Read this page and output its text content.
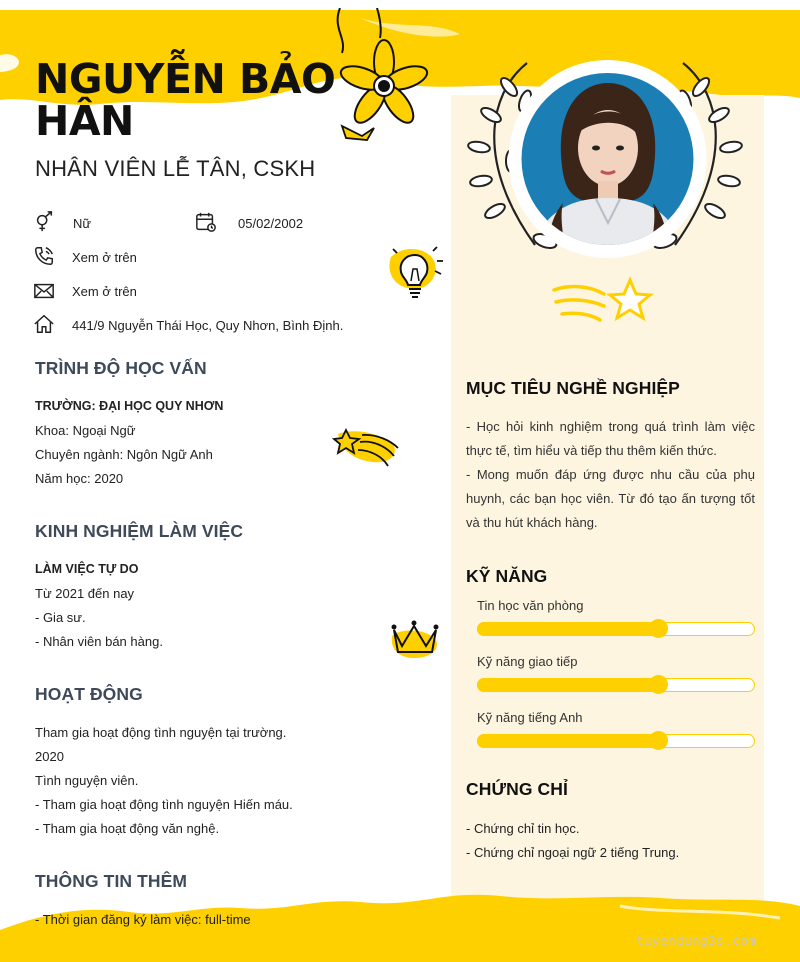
NGUYỄN BẢO HÂN
NHÂN VIÊN LỄ TÂN, CSKH
Nữ	05/02/2002
Xem ở trên
Xem ở trên
441/9 Nguyễn Thái Học, Quy Nhơn, Bình Định.
TRÌNH ĐỘ HỌC VẤN
TRƯỜNG: ĐẠI HỌC QUY NHƠN
Khoa: Ngoại Ngữ
Chuyên ngành: Ngôn Ngữ Anh
Năm học: 2020
KINH NGHIỆM LÀM VIỆC
LÀM VIỆC TỰ DO
Từ 2021 đến nay
- Gia sư.
- Nhân viên bán hàng.
HOẠT ĐỘNG
Tham gia hoạt động tình nguyện tại trường.
2020
Tình nguyện viên.
- Tham gia hoạt động tình nguyện Hiến máu.
- Tham gia hoạt động văn nghệ.
THÔNG TIN THÊM
- Thời gian đăng ký làm việc: full-time
MỤC TIÊU NGHỀ NGHIỆP
- Học hỏi kinh nghiệm trong quá trình làm việc thực tế, tìm hiểu và tiếp thu thêm kiến thức.
- Mong muốn đáp ứng được nhu cầu của phụ huynh, các bạn học viên. Từ đó tạo ấn tượng tốt và thu hút khách hàng.
KỸ NĂNG
Tin học văn phòng
Kỹ năng giao tiếp
Kỹ năng tiếng Anh
CHỨNG CHỈ
- Chứng chỉ tin học.
- Chứng chỉ ngoại ngữ 2 tiếng Trung.
tuyendung3s.com
